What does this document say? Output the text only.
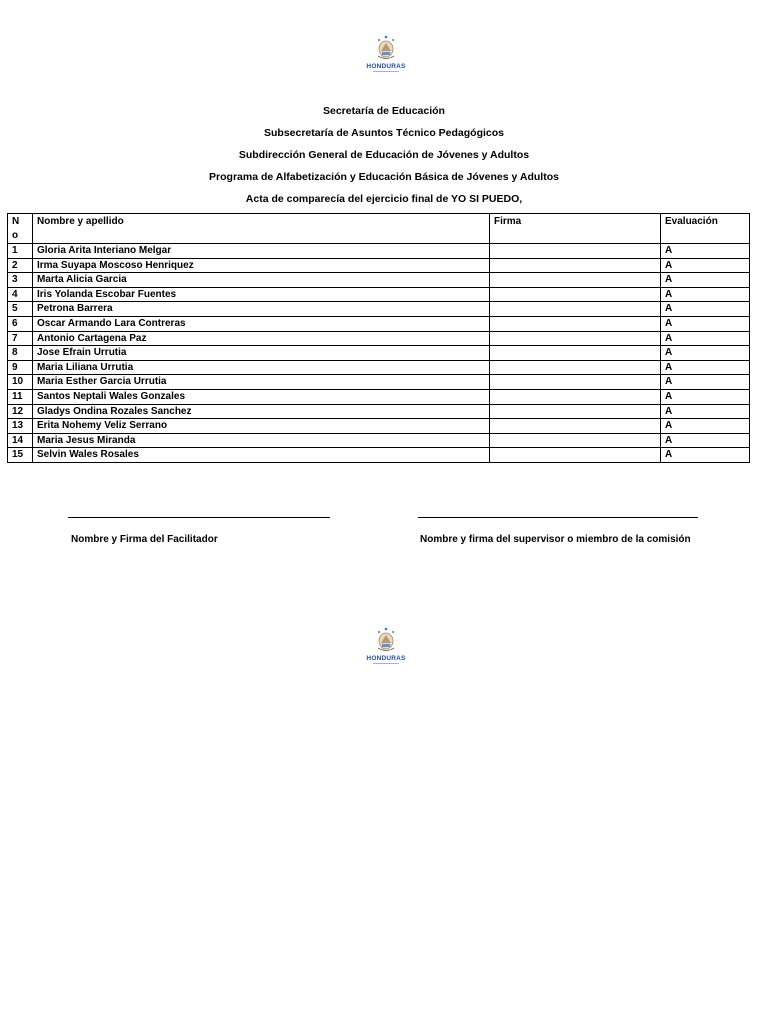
HONDURAS
Secretaría de Educación
Subsecretaría de Asuntos Técnico Pedagógicos
Subdirección General de Educación de Jóvenes y Adultos
Programa de Alfabetización y Educación Básica de Jóvenes y Adultos
Acta de comparecía del ejercicio final de YO SI PUEDO,
N
o	Nombre y apellido	Firma	Evaluación
1	Gloria Arita Interiano Melgar		A
2	Irma Suyapa Moscoso Henriquez		A
3	Marta Alicia Garcia		A
4	Iris Yolanda Escobar Fuentes		A
5	Petrona Barrera		A
6	Oscar Armando Lara Contreras		A
7	Antonio Cartagena Paz		A
8	Jose Efrain Urrutia		A
9	Maria Liliana Urrutia		A
10	Maria Esther Garcia Urrutia		A
11	Santos Neptali Wales Gonzales		A
12	Gladys Ondina Rozales Sanchez		A
13	Erita Nohemy Veliz Serrano		A
14	Maria Jesus Miranda		A
15	Selvin Wales Rosales		A
Nombre y Firma del Facilitador	Nombre y firma del supervisor o miembro de la comisión
HONDURAS
